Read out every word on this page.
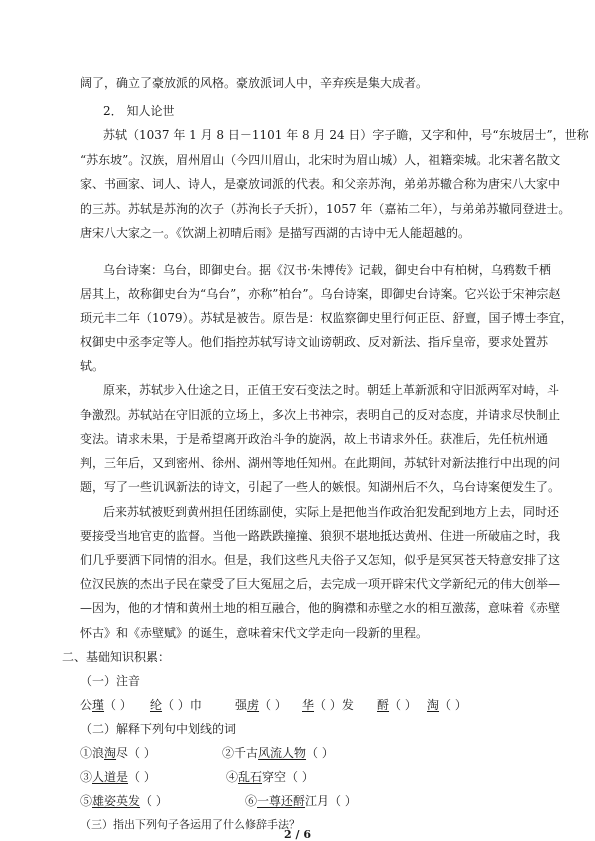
阔了，确立了豪放派的风格。豪放派词人中，辛弃疾是集大成者。
2． 知人论世
苏轼（1037 年 1 月 8 日－1101 年 8 月 24 日）字子瞻，又字和仲，号“东坡居士”，世称
“苏东坡”。汉族，眉州眉山（今四川眉山，北宋时为眉山城）人，祖籍栾城。北宋著名散文
家、书画家、词人、诗人，是豪放词派的代表。和父亲苏洵，弟弟苏辙合称为唐宋八大家中
的三苏。苏轼是苏洵的次子（苏洵长子夭折），1057 年（嘉祐二年），与弟弟苏辙同登进士。
唐宋八大家之一。《饮湖上初晴后雨》是描写西湖的古诗中无人能超越的。
乌台诗案：乌台，即御史台。据《汉书·朱博传》记载，御史台中有柏树，乌鸦数千栖
居其上，故称御史台为“乌台”，亦称”柏台”。乌台诗案，即御史台诗案。它兴讼于宋神宗赵
顼元丰二年（1079）。苏轼是被告。原告是：权监察御史里行何正臣、舒亶，国子博士李宜，
权御史中丞李定等人。他们指控苏轼写诗文讪谤朝政、反对新法、指斥皇帝，要求处置苏
轼。
原来，苏轼步入仕途之日，正值王安石变法之时。朝廷上革新派和守旧派两军对峙，斗
争激烈。苏轼站在守旧派的立场上，多次上书神宗，表明自己的反对态度，并请求尽快制止
变法。请求未果，于是希望离开政治斗争的旋涡，故上书请求外任。获准后，先任杭州通
判，三年后，又到密州、徐州、湖州等地任知州。在此期间，苏轼针对新法推行中出现的问
题，写了一些讥讽新法的诗文，引起了一些人的嫉恨。知湖州后不久，乌台诗案便发生了。
后来苏轼被贬到黄州担任团练副使，实际上是把他当作政治犯发配到地方上去，同时还
要接受当地官吏的监督。当他一路跌跌撞撞、狼狈不堪地抵达黄州、住进一所破庙之时，我
们几乎要洒下同情的泪水。但是，我们这些凡夫俗子又怎知，似乎是冥冥苍天特意安排了这
位汉民族的杰出子民在蒙受了巨大冤屈之后，去完成一项开辟宋代文学新纪元的伟大创举—
—因为，他的才情和黄州土地的相互融合，他的胸襟和赤壁之水的相互激荡，意味着《赤壁
怀古》和《赤壁赋》的诞生，意味着宋代文学走向一段新的里程。
二、基础知识积累：
（一）注音
公瑾（ ） 纶（ ）巾	强虏（ ） 华（ ）发 酹（ ） 淘（ ）
（二）解释下列句中划线的词
①浪淘尽（ ）	②千古风流人物（ ）
③人道是（ ）	④乱石穿空（ ）
⑤雄姿英发（ ）	⑥一尊还酹江月（ ）
（三）指出下列句子各运用了什么修辞手法？
2 / 6
